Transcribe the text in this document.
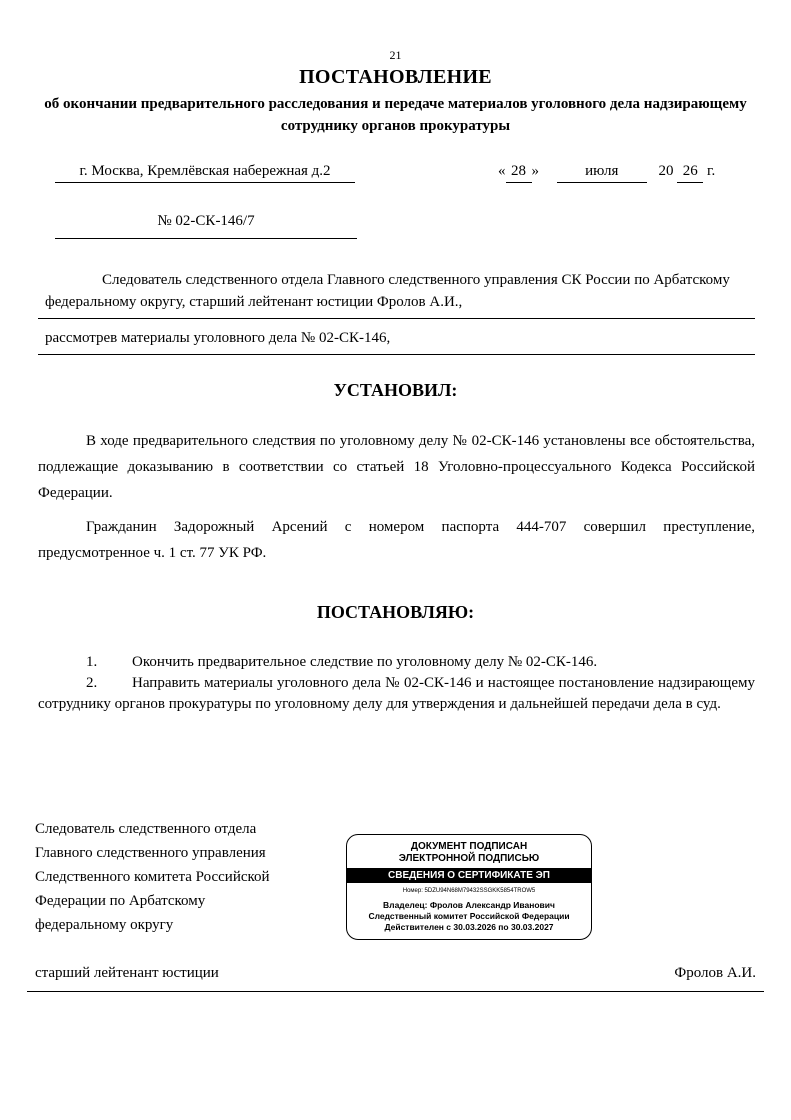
21
ПОСТАНОВЛЕНИЕ
об окончании предварительного расследования и передаче материалов уголовного дела надзирающему сотруднику органов прокуратуры
г. Москва, Кремлёвская набережная д.2	« 28 »	июля	20 26 г.
№ 02-СК-146/7
Следователь следственного отдела Главного следственного управления СК России по Арбатскому федеральному округу, старший лейтенант юстиции Фролов А.И.,
рассмотрев материалы уголовного дела № 02-СК-146,
УСТАНОВИЛ:
В ходе предварительного следствия по уголовному делу № 02-СК-146 установлены все обстоятельства, подлежащие доказыванию в соответствии со статьей 18 Уголовно-процессуального Кодекса Российской Федерации.
Гражданин Задорожный Арсений с номером паспорта 444-707 совершил преступление, предусмотренное ч. 1 ст. 77 УК РФ.
ПОСТАНОВЛЯЮ:
1. Окончить предварительное следствие по уголовному делу № 02-СК-146.
2. Направить материалы уголовного дела № 02-СК-146 и настоящее постановление надзирающему сотруднику органов прокуратуры по уголовному делу для утверждения и дальнейшей передачи дела в суд.
Следователь следственного отдела
Главного следственного управления
Следственного комитета Российской
Федерации по Арбатскому
федеральному округу
ДОКУМЕНТ ПОДПИСАН
ЭЛЕКТРОННОЙ ПОДПИСЬЮ
СВЕДЕНИЯ О СЕРТИФИКАТЕ ЭП
Номер: 5DZU94N68M79432SSGKK5854TROW5
Владелец: Фролов Александр Иванович
Следственный комитет Российской Федерации
Действителен с 30.03.2026 по 30.03.2027
старший лейтенант юстиции	Фролов А.И.
